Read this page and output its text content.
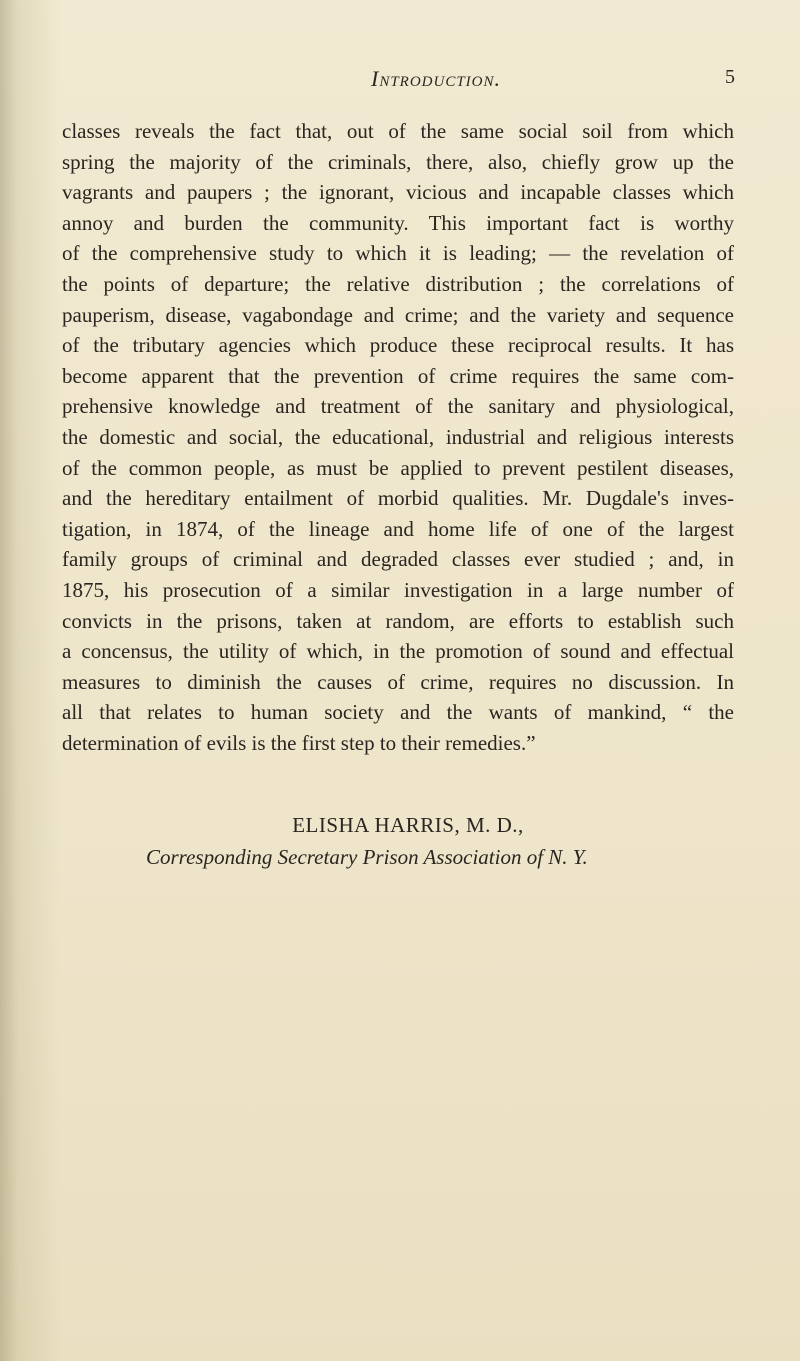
Introduction.	5
classes reveals the fact that, out of the same social soil from which
spring the majority of the criminals, there, also, chiefly grow up the
vagrants and paupers ; the ignorant, vicious and incapable classes which
annoy and burden the community. This important fact is worthy
of the comprehensive study to which it is leading; — the revelation of
the points of departure; the relative distribution ; the correlations of
pauperism, disease, vagabondage and crime; and the variety and sequence
of the tributary agencies which produce these reciprocal results. It has
become apparent that the prevention of crime requires the same com-
prehensive knowledge and treatment of the sanitary and physiological,
the domestic and social, the educational, industrial and religious interests
of the common people, as must be applied to prevent pestilent diseases,
and the hereditary entailment of morbid qualities. Mr. Dugdale's inves-
tigation, in 1874, of the lineage and home life of one of the largest
family groups of criminal and degraded classes ever studied ; and, in
1875, his prosecution of a similar investigation in a large number of
convicts in the prisons, taken at random, are efforts to establish such
a concensus, the utility of which, in the promotion of sound and effectual
measures to diminish the causes of crime, requires no discussion. In
all that relates to human society and the wants of mankind, “ the
determination of evils is the first step to their remedies.”
ELISHA HARRIS, M. D.,
Corresponding Secretary Prison Association of N. Y.
